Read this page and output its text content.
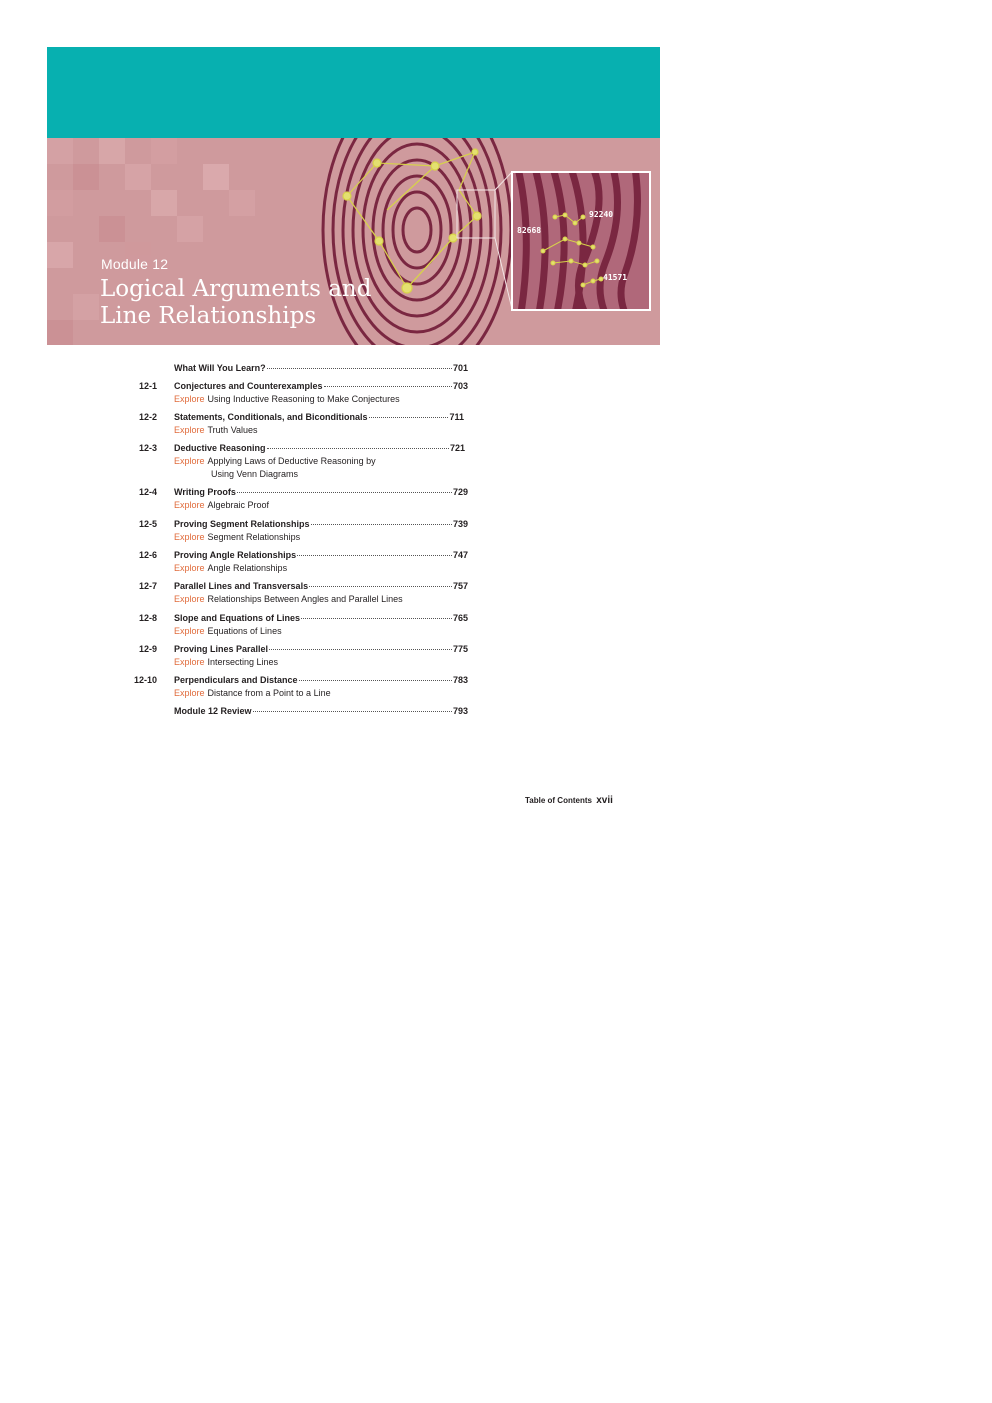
Module 12
Logical Arguments and
Line Relationships
82668
92240
41571
What Will You Learn?	701
12-1 Conjectures and Counterexamples	703
Explore Using Inductive Reasoning to Make Conjectures
12-2 Statements, Conditionals, and Biconditionals	711
Explore Truth Values
12-3 Deductive Reasoning	721
Explore Applying Laws of Deductive Reasoning by
Using Venn Diagrams
12-4 Writing Proofs	729
Explore Algebraic Proof
12-5 Proving Segment Relationships	739
Explore Segment Relationships
12-6 Proving Angle Relationships	747
Explore Angle Relationships
12-7 Parallel Lines and Transversals	757
Explore Relationships Between Angles and Parallel Lines
12-8 Slope and Equations of Lines	765
Explore Equations of Lines
12-9 Proving Lines Parallel	775
Explore Intersecting Lines
12-10 Perpendiculars and Distance	783
Explore Distance from a Point to a Line
Module 12 Review	793
Table of Contents xvii
